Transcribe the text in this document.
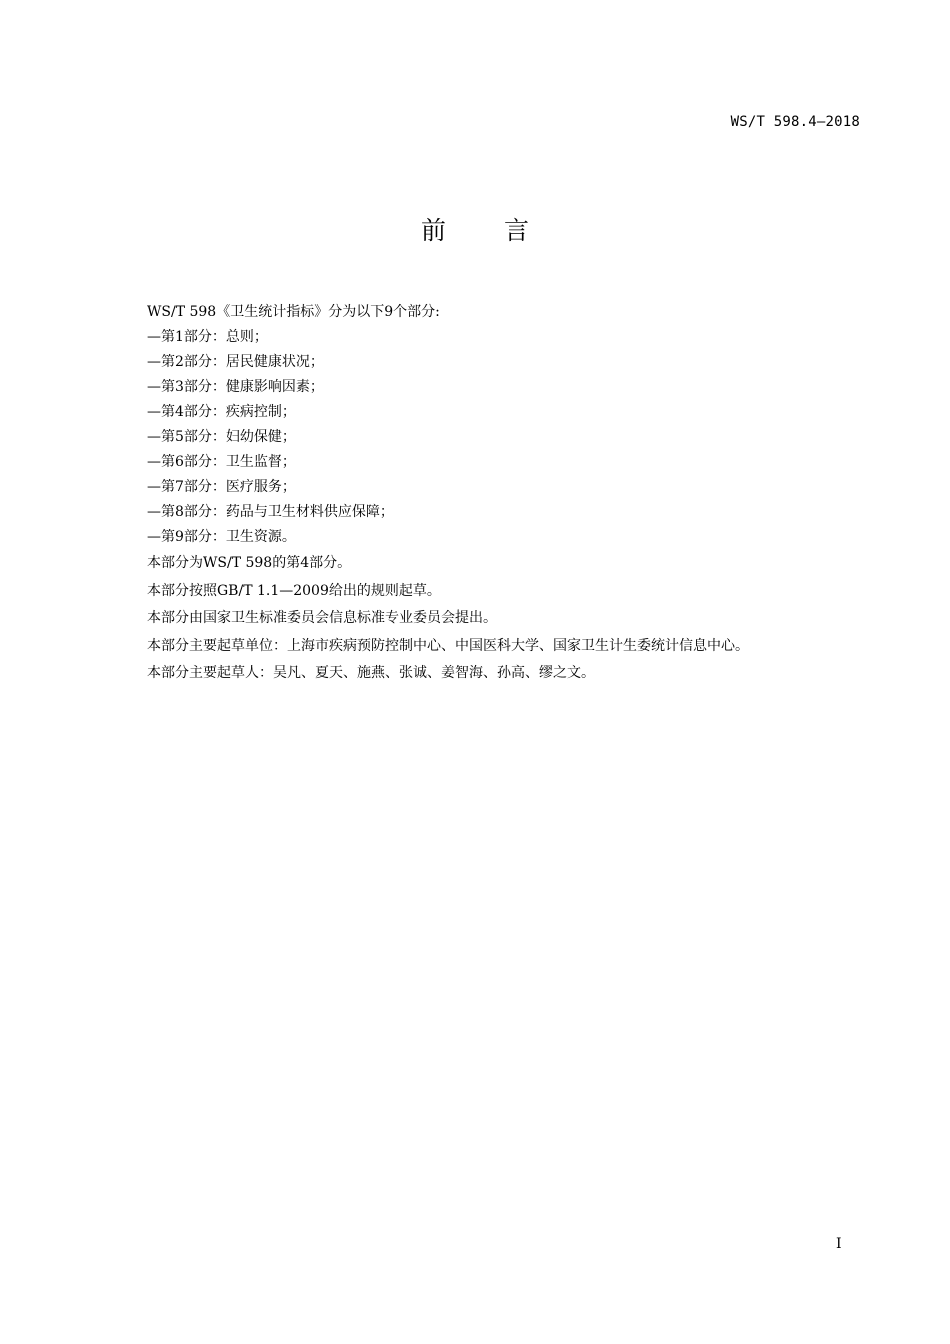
WS/T 598.4—2018
前言
WS/T 598《卫生统计指标》分为以下9个部分:
—第1部分：总则；
—第2部分：居民健康状况；
—第3部分：健康影响因素；
—第4部分：疾病控制；
—第5部分：妇幼保健；
—第6部分：卫生监督；
—第7部分：医疗服务；
—第8部分：药品与卫生材料供应保障；
—第9部分：卫生资源。
本部分为WS/T 598的第4部分。
本部分按照GB/T 1.1—2009给出的规则起草。
本部分由国家卫生标准委员会信息标准专业委员会提出。
本部分主要起草单位：上海市疾病预防控制中心、中国医科大学、国家卫生计生委统计信息中心。
本部分主要起草人：吴凡、夏天、施燕、张诚、姜智海、孙高、缪之文。
I
